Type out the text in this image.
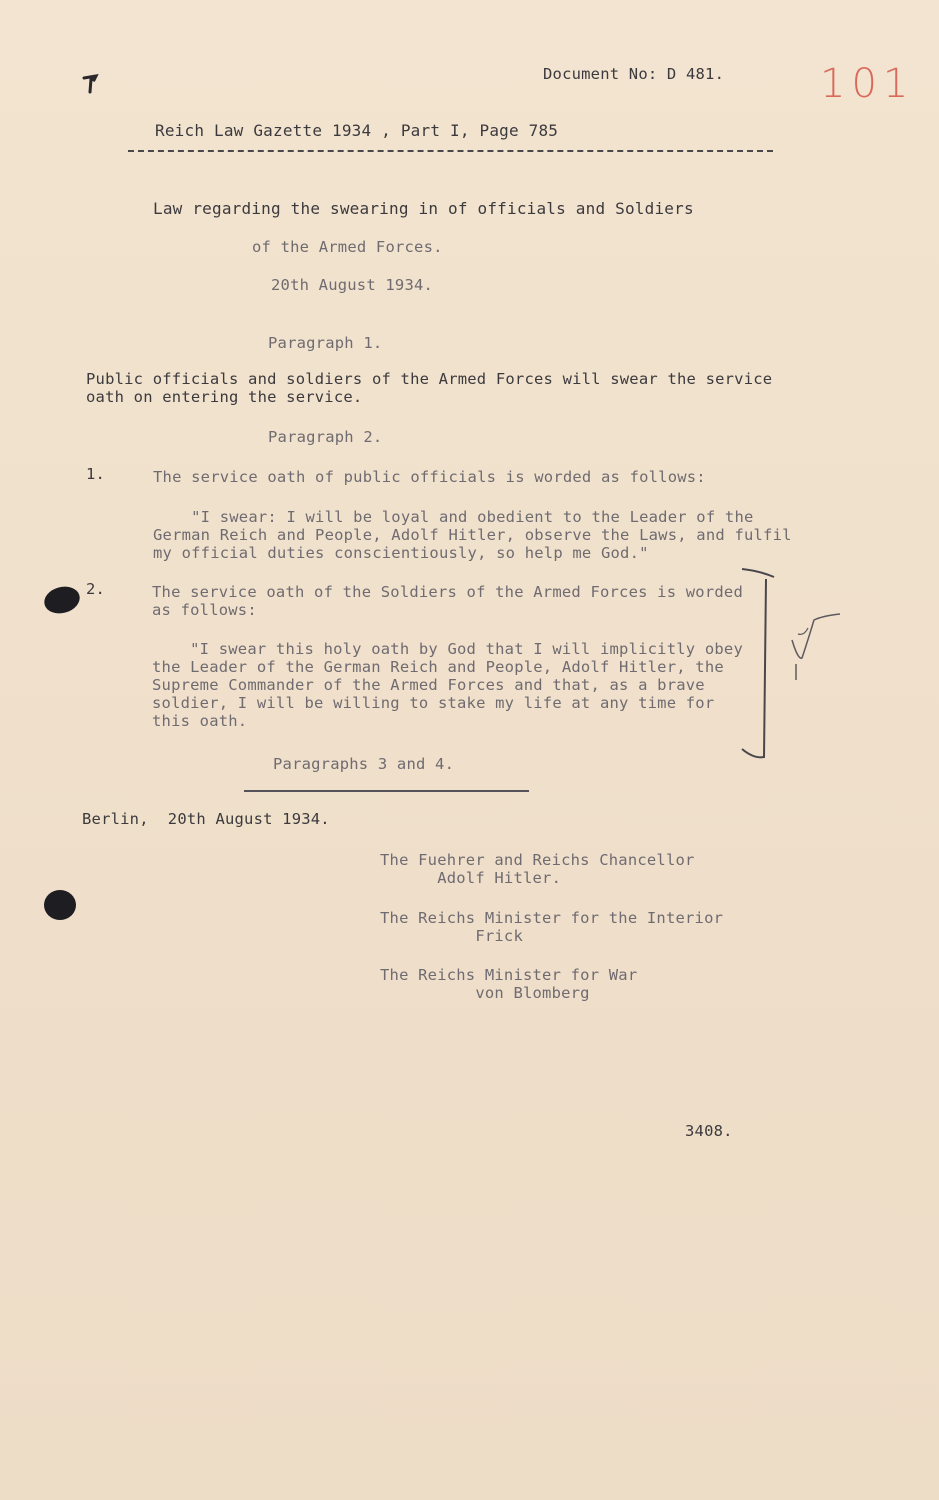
Document No: D 481. 101
Reich Law Gazette 1934 , Part I, Page 785
Law regarding the swearing in of officials and Soldiers
of the Armed Forces.
20th August 1934.
Paragraph 1.
Public officials and soldiers of the Armed Forces will swear the service
oath on entering the service.
Paragraph 2.
1.	The service oath of public officials is worded as follows:
"I swear: I will be loyal and obedient to the Leader of the
German Reich and People, Adolf Hitler, observe the Laws, and fulfil
my official duties conscientiously, so help me God."
2.	The service oath of the Soldiers of the Armed Forces is worded
as follows:
"I swear this holy oath by God that I will implicitly obey
the Leader of the German Reich and People, Adolf Hitler, the
Supreme Commander of the Armed Forces and that, as a brave
soldier, I will be willing to stake my life at any time for
this oath.
Paragraphs 3 and 4.
Berlin,  20th August 1934.
The Fuehrer and Reichs Chancellor
Adolf Hitler.
The Reichs Minister for the Interior
Frick
The Reichs Minister for War
von Blomberg
3408.
